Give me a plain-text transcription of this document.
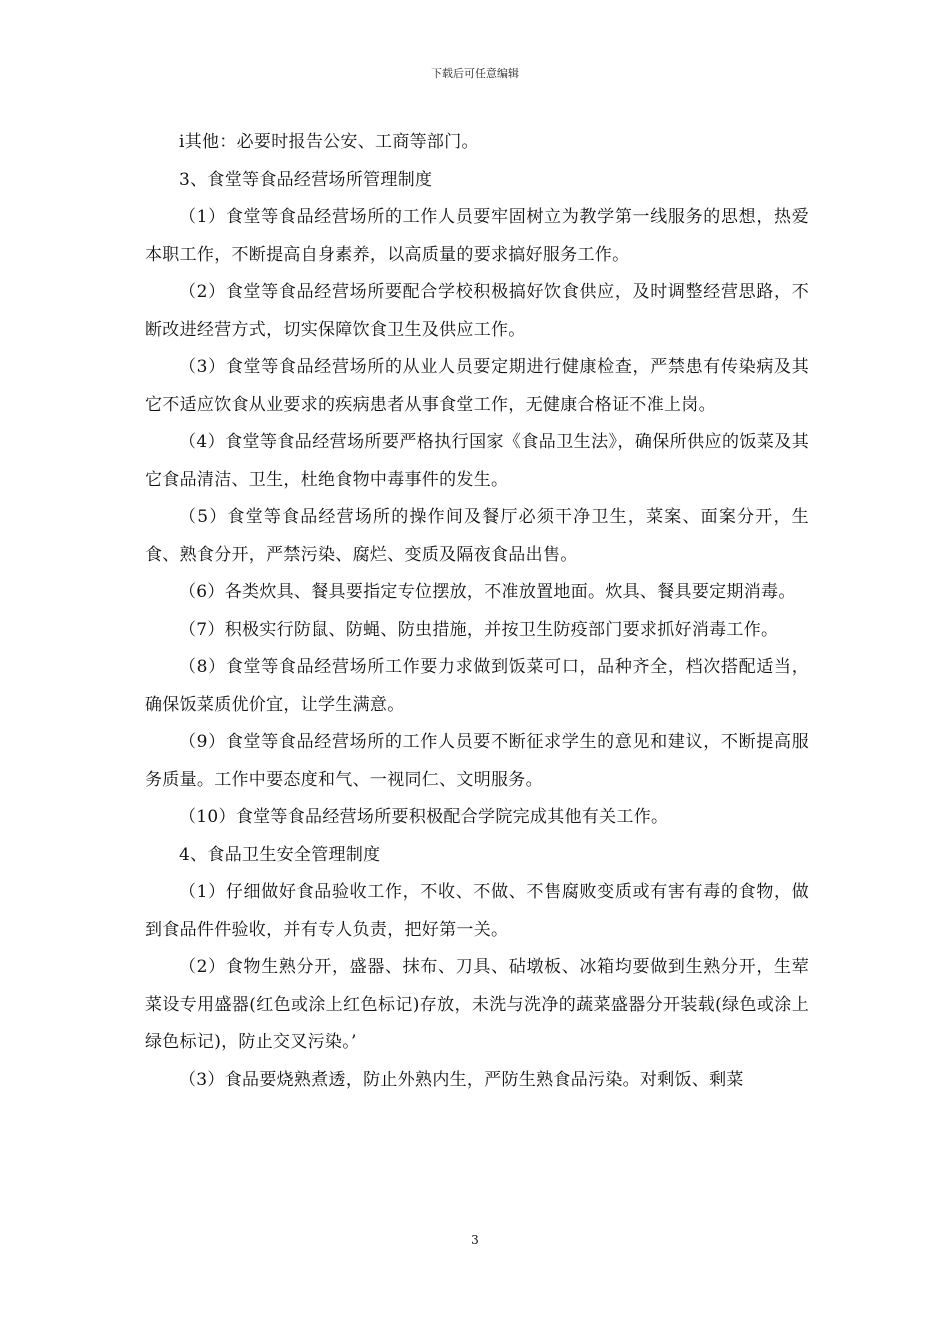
下载后可任意编辑

i其他：必要时报告公安、工商等部门。

3、食堂等食品经营场所管理制度

（1）食堂等食品经营场所的工作人员要牢固树立为教学第一线服务的思想，热爱本职工作，不断提高自身素养，以高质量的要求搞好服务工作。

（2）食堂等食品经营场所要配合学校积极搞好饮食供应，及时调整经营思路，不断改进经营方式，切实保障饮食卫生及供应工作。

（3）食堂等食品经营场所的从业人员要定期进行健康检查，严禁患有传染病及其它不适应饮食从业要求的疾病患者从事食堂工作，无健康合格证不准上岗。

（4）食堂等食品经营场所要严格执行国家《食品卫生法》，确保所供应的饭菜及其它食品清洁、卫生，杜绝食物中毒事件的发生。

（5）食堂等食品经营场所的操作间及餐厅必须干净卫生，菜案、面案分开，生食、熟食分开，严禁污染、腐烂、变质及隔夜食品出售。

（6）各类炊具、餐具要指定专位摆放，不准放置地面。炊具、餐具要定期消毒。

（7）积极实行防鼠、防蝇、防虫措施，并按卫生防疫部门要求抓好消毒工作。

（8）食堂等食品经营场所工作要力求做到饭菜可口，品种齐全，档次搭配适当，确保饭菜质优价宜，让学生满意。

（9）食堂等食品经营场所的工作人员要不断征求学生的意见和建议，不断提高服务质量。工作中要态度和气、一视同仁、文明服务。

（10）食堂等食品经营场所要积极配合学院完成其他有关工作。

4、食品卫生安全管理制度

（1）仔细做好食品验收工作，不收、不做、不售腐败变质或有害有毒的食物，做到食品件件验收，并有专人负责，把好第一关。

（2）食物生熟分开，盛器、抹布、刀具、砧墩板、冰箱均要做到生熟分开，生荤菜设专用盛器(红色或涂上红色标记)存放，未洗与洗净的蔬菜盛器分开装载(绿色或涂上绿色标记)，防止交叉污染。’

（3）食品要烧熟煮透，防止外熟内生，严防生熟食品污染。对剩饭、剩菜

3
